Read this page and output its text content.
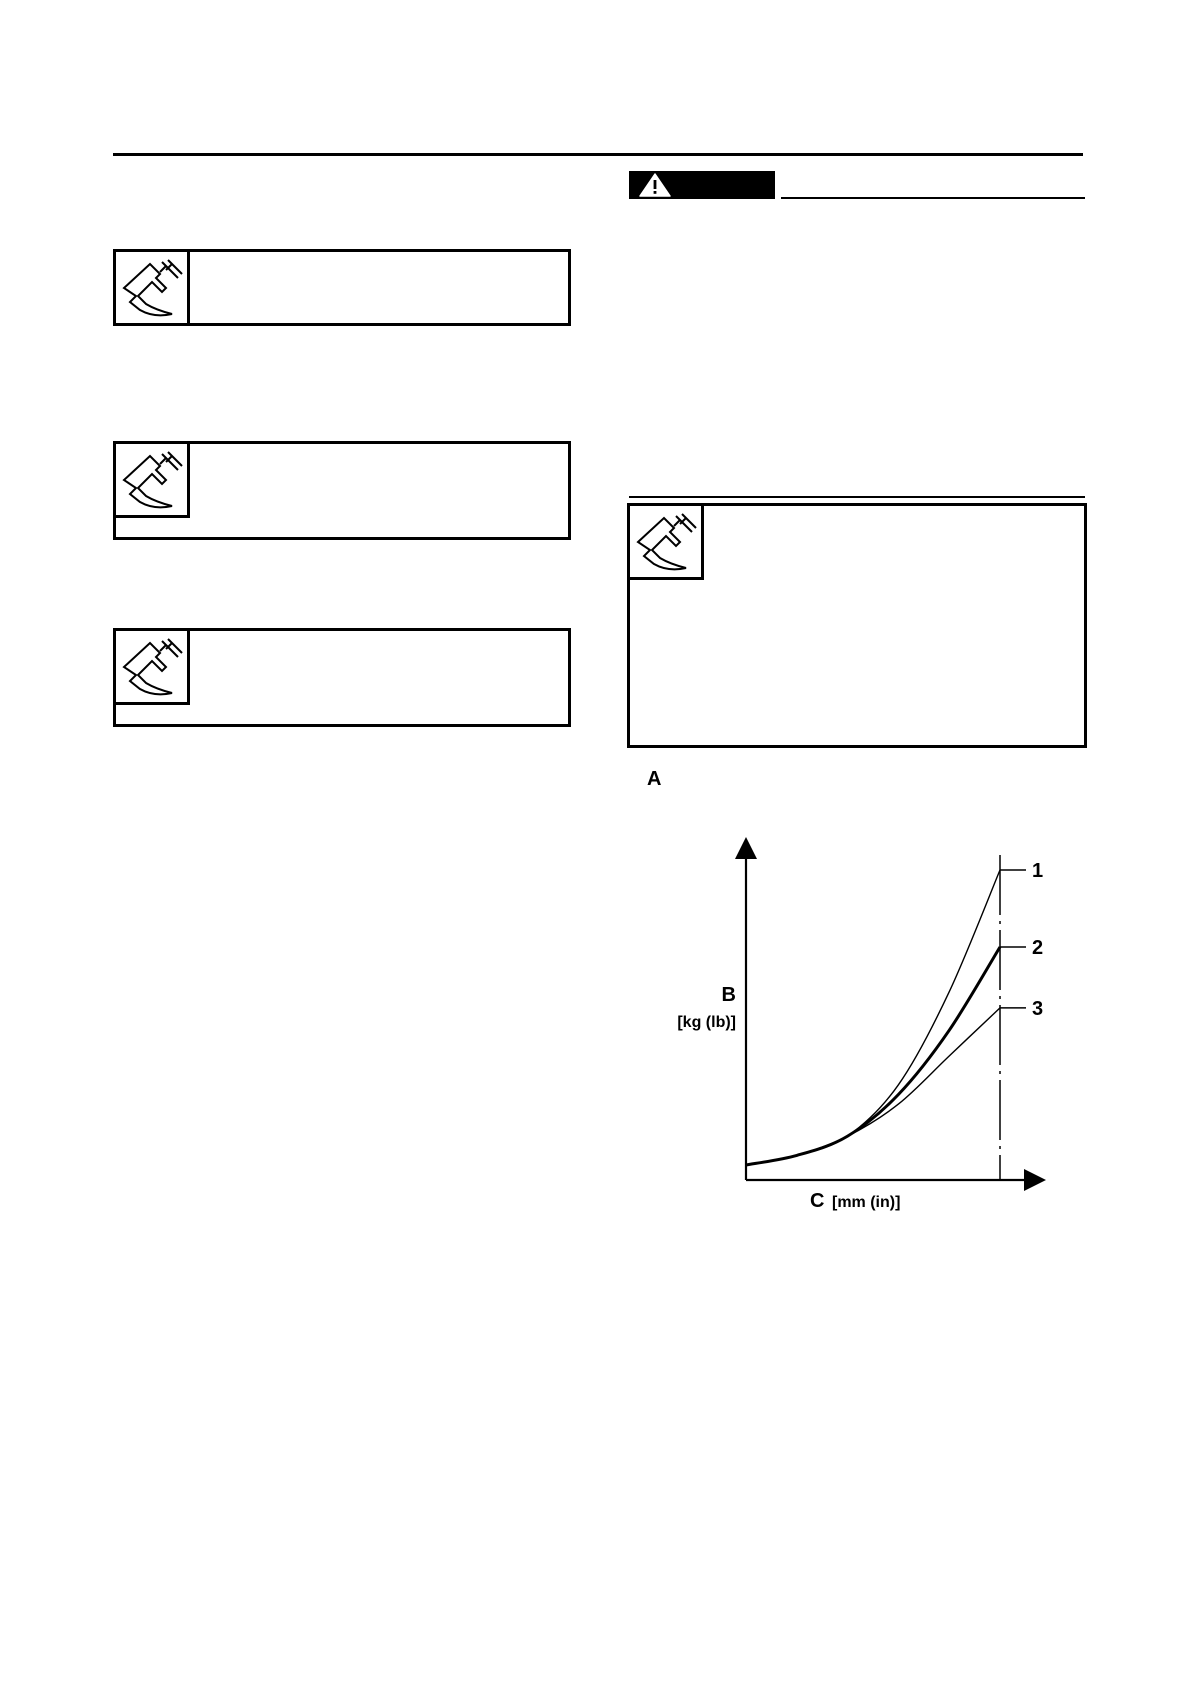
A
1
2
3
B
[kg (lb)]
C [mm (in)]
